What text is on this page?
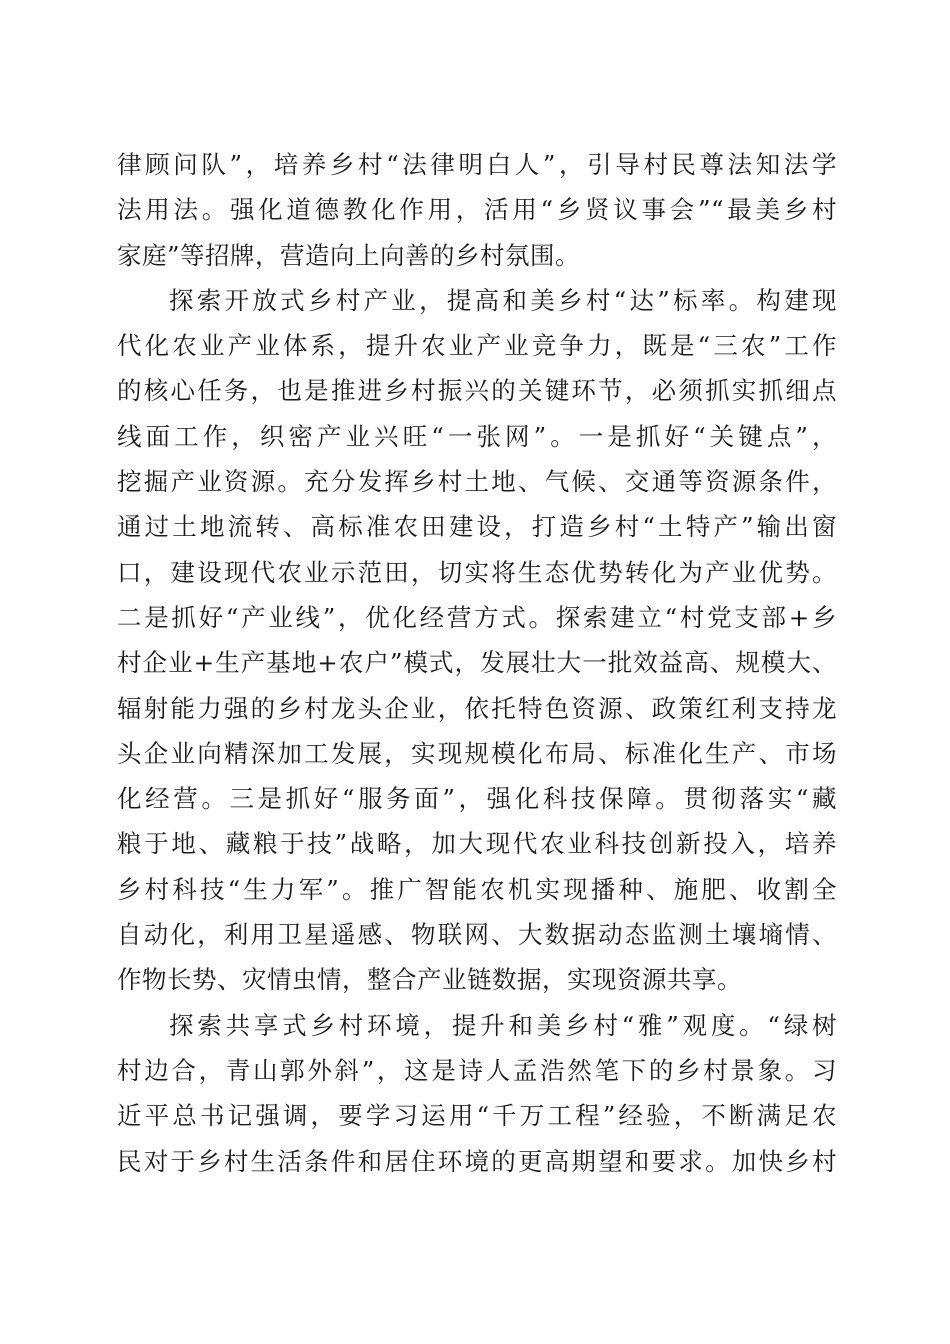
律顾问队”，培养乡村“法律明白人”，引导村民尊法知法学
法用法。强化道德教化作用，活用“乡贤议事会”“最美乡村
家庭”等招牌，营造向上向善的乡村氛围。
探索开放式乡村产业，提高和美乡村“达”标率。构建现
代化农业产业体系，提升农业产业竞争力，既是“三农”工作
的核心任务，也是推进乡村振兴的关键环节，必须抓实抓细点
线面工作，织密产业兴旺“一张网”。一是抓好“关键点”，
挖掘产业资源。充分发挥乡村土地、气候、交通等资源条件，
通过土地流转、高标准农田建设，打造乡村“土特产”输出窗
口，建设现代农业示范田，切实将生态优势转化为产业优势。
二是抓好“产业线”，优化经营方式。探索建立“村党支部+乡
村企业+生产基地+农户”模式，发展壮大一批效益高、规模大、
辐射能力强的乡村龙头企业，依托特色资源、政策红利支持龙
头企业向精深加工发展，实现规模化布局、标准化生产、市场
化经营。三是抓好“服务面”，强化科技保障。贯彻落实“藏
粮于地、藏粮于技”战略，加大现代农业科技创新投入，培养
乡村科技“生力军”。推广智能农机实现播种、施肥、收割全
自动化，利用卫星遥感、物联网、大数据动态监测土壤墒情、
作物长势、灾情虫情，整合产业链数据，实现资源共享。
探索共享式乡村环境，提升和美乡村“雅”观度。“绿树
村边合，青山郭外斜”，这是诗人孟浩然笔下的乡村景象。习
近平总书记强调，要学习运用“千万工程”经验，不断满足农
民对于乡村生活条件和居住环境的更高期望和要求。加快乡村
